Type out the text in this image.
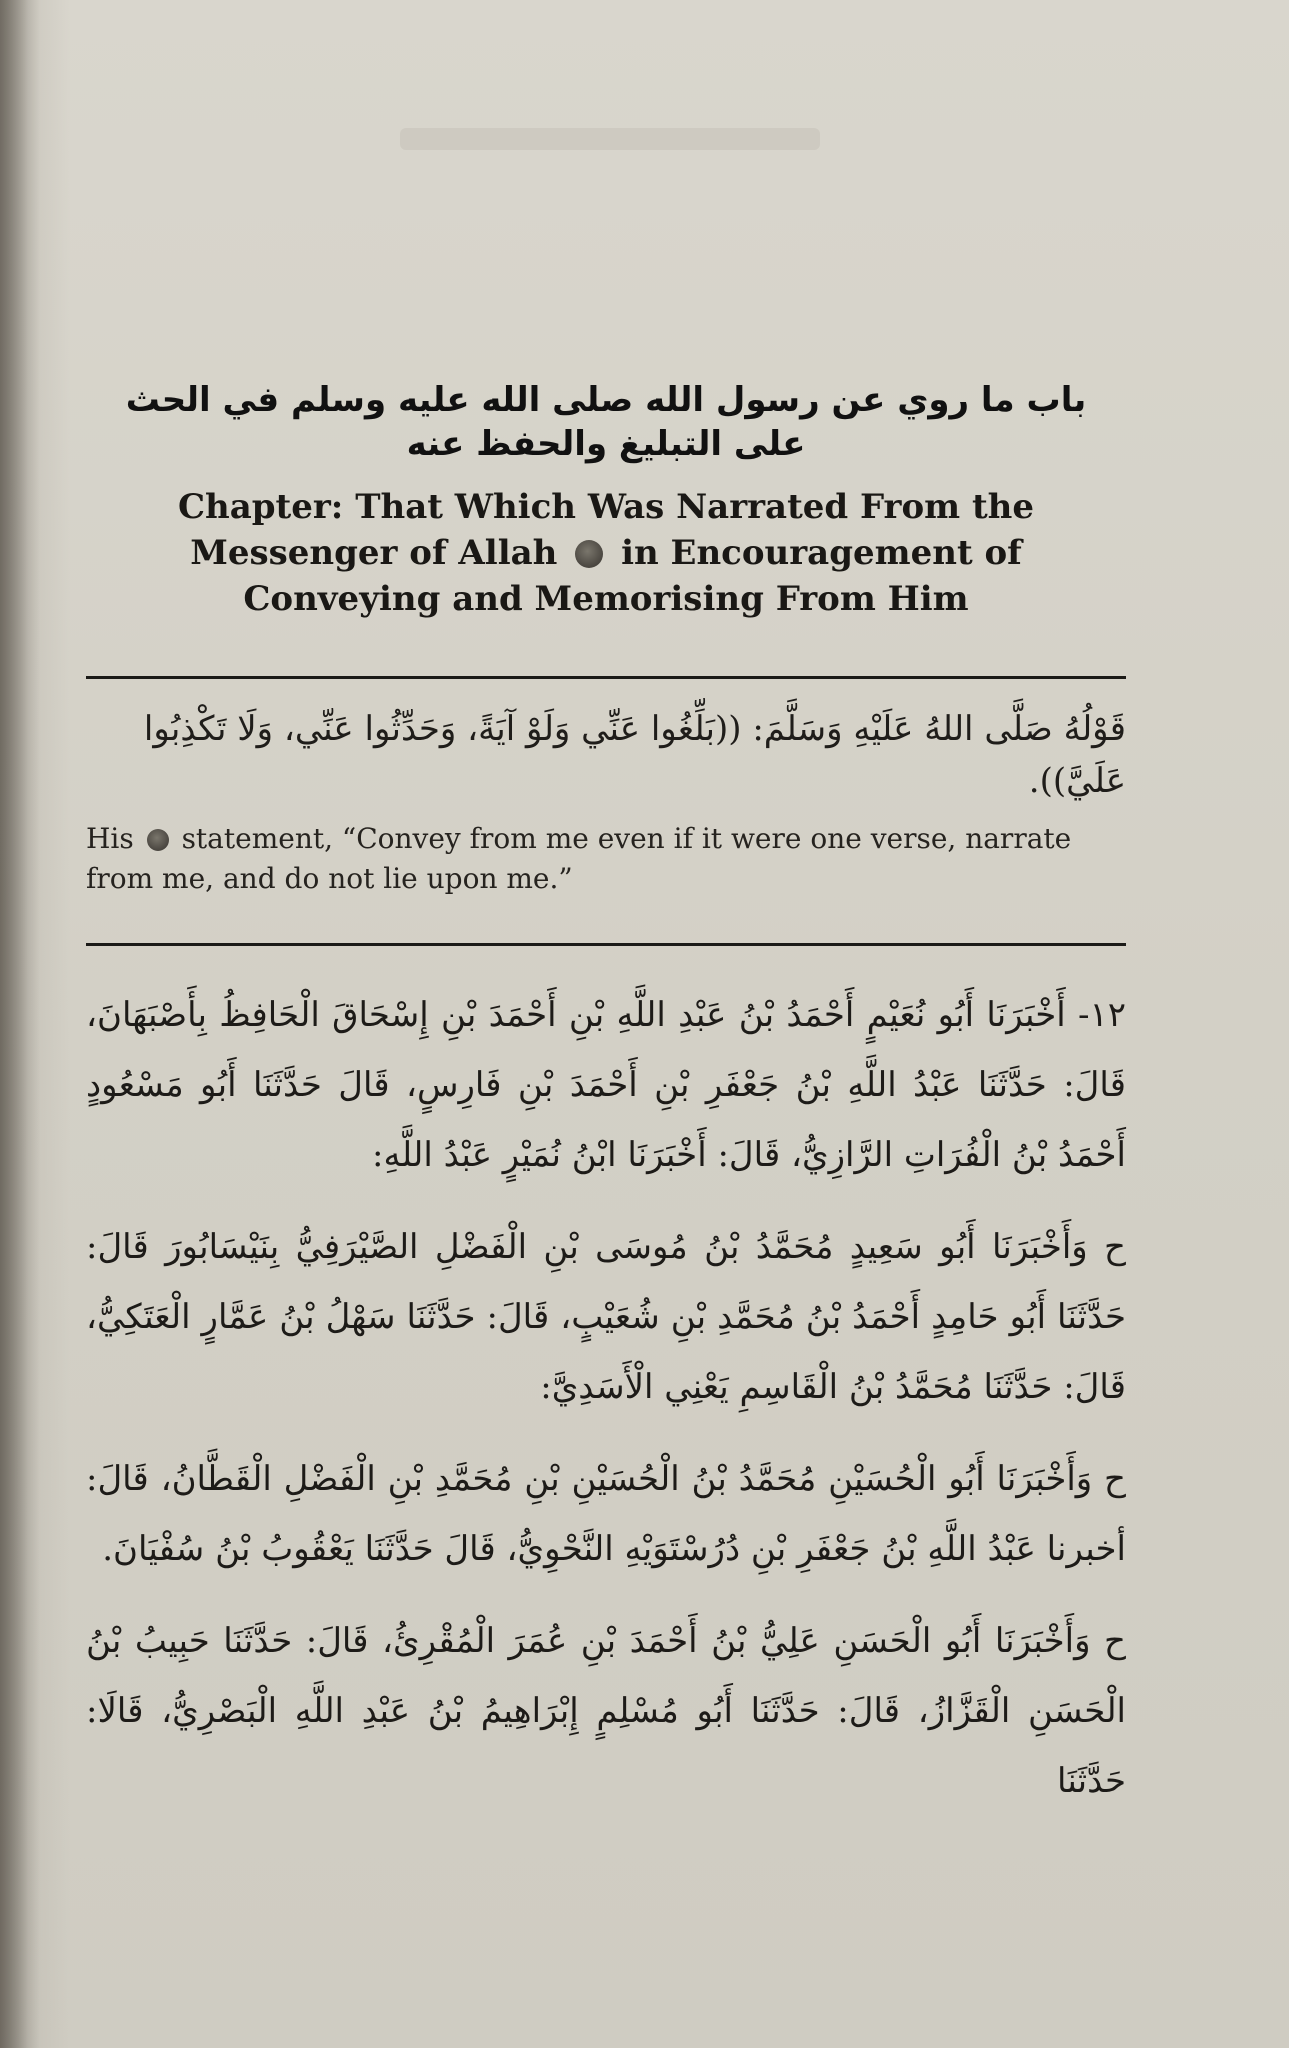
باب ما روي عن رسول الله صلى الله عليه وسلم في الحث على التبليغ والحفظ عنه
Chapter: That Which Was Narrated From the Messenger of Allah in Encouragement of Conveying and Memorising From Him

قَوْلُهُ صَلَّى اللهُ عَلَيْهِ وَسَلَّمَ: ((بَلِّغُوا عَنِّي وَلَوْ آيَةً، وَحَدِّثُوا عَنِّي، وَلَا تَكْذِبُوا عَلَيَّ)).

His statement, “Convey from me even if it were one verse, narrate from me, and do not lie upon me.”

١٢- أَخْبَرَنَا أَبُو نُعَيْمٍ أَحْمَدُ بْنُ عَبْدِ اللَّهِ بْنِ أَحْمَدَ بْنِ إِسْحَاقَ الْحَافِظُ بِأَصْبَهَانَ، قَالَ: حَدَّثَنَا عَبْدُ اللَّهِ بْنُ جَعْفَرِ بْنِ أَحْمَدَ بْنِ فَارِسٍ، قَالَ حَدَّثَنَا أَبُو مَسْعُودٍ أَحْمَدُ بْنُ الْفُرَاتِ الرَّازِيُّ، قَالَ: أَخْبَرَنَا ابْنُ نُمَيْرٍ عَبْدُ اللَّهِ:

ح وَأَخْبَرَنَا أَبُو سَعِيدٍ مُحَمَّدُ بْنُ مُوسَى بْنِ الْفَضْلِ الصَّيْرَفِيُّ بِنَيْسَابُورَ قَالَ: حَدَّثَنَا أَبُو حَامِدٍ أَحْمَدُ بْنُ مُحَمَّدِ بْنِ شُعَيْبٍ، قَالَ: حَدَّثَنَا سَهْلُ بْنُ عَمَّارٍ الْعَتَكِيُّ، قَالَ: حَدَّثَنَا مُحَمَّدُ بْنُ الْقَاسِمِ يَعْنِي الْأَسَدِيَّ:

ح وَأَخْبَرَنَا أَبُو الْحُسَيْنِ مُحَمَّدُ بْنُ الْحُسَيْنِ بْنِ مُحَمَّدِ بْنِ الْفَضْلِ الْقَطَّانُ، قَالَ: أخبرنا عَبْدُ اللَّهِ بْنُ جَعْفَرِ بْنِ دُرُسْتَوَيْهِ النَّحْوِيُّ، قَالَ حَدَّثَنَا يَعْقُوبُ بْنُ سُفْيَانَ.

ح وَأَخْبَرَنَا أَبُو الْحَسَنِ عَلِيُّ بْنُ أَحْمَدَ بْنِ عُمَرَ الْمُقْرِئُ، قَالَ: حَدَّثَنَا حَبِيبُ بْنُ الْحَسَنِ الْقَزَّازُ، قَالَ: حَدَّثَنَا أَبُو مُسْلِمٍ إِبْرَاهِيمُ بْنُ عَبْدِ اللَّهِ الْبَصْرِيُّ، قَالَا: حَدَّثَنَا
